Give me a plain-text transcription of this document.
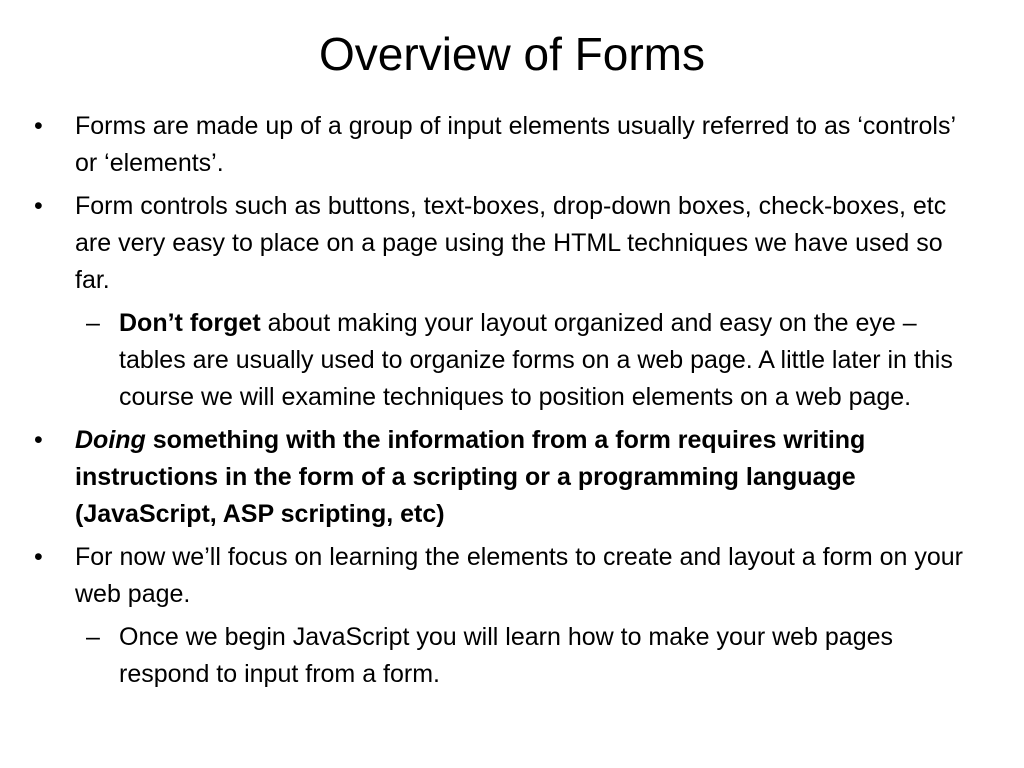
Overview of Forms
•	Forms are made up of a group of input elements usually referred to as ‘controls’ or ‘elements’.
•	Form controls such as buttons, text-boxes, drop-down boxes, check-boxes, etc are very easy to place on a page using the HTML techniques we have used so far.
– Don’t forget about making your layout organized and easy on the eye – tables are usually used to organize forms on a web page. A little later in this course we will examine techniques to position elements on a web page.
•	Doing something with the information from a form requires writing instructions in the form of a scripting or a programming language (JavaScript, ASP scripting, etc)
•	For now we’ll focus on learning the elements to create and layout a form on your web page.
– Once we begin JavaScript you will learn how to make your web pages respond to input from a form.
